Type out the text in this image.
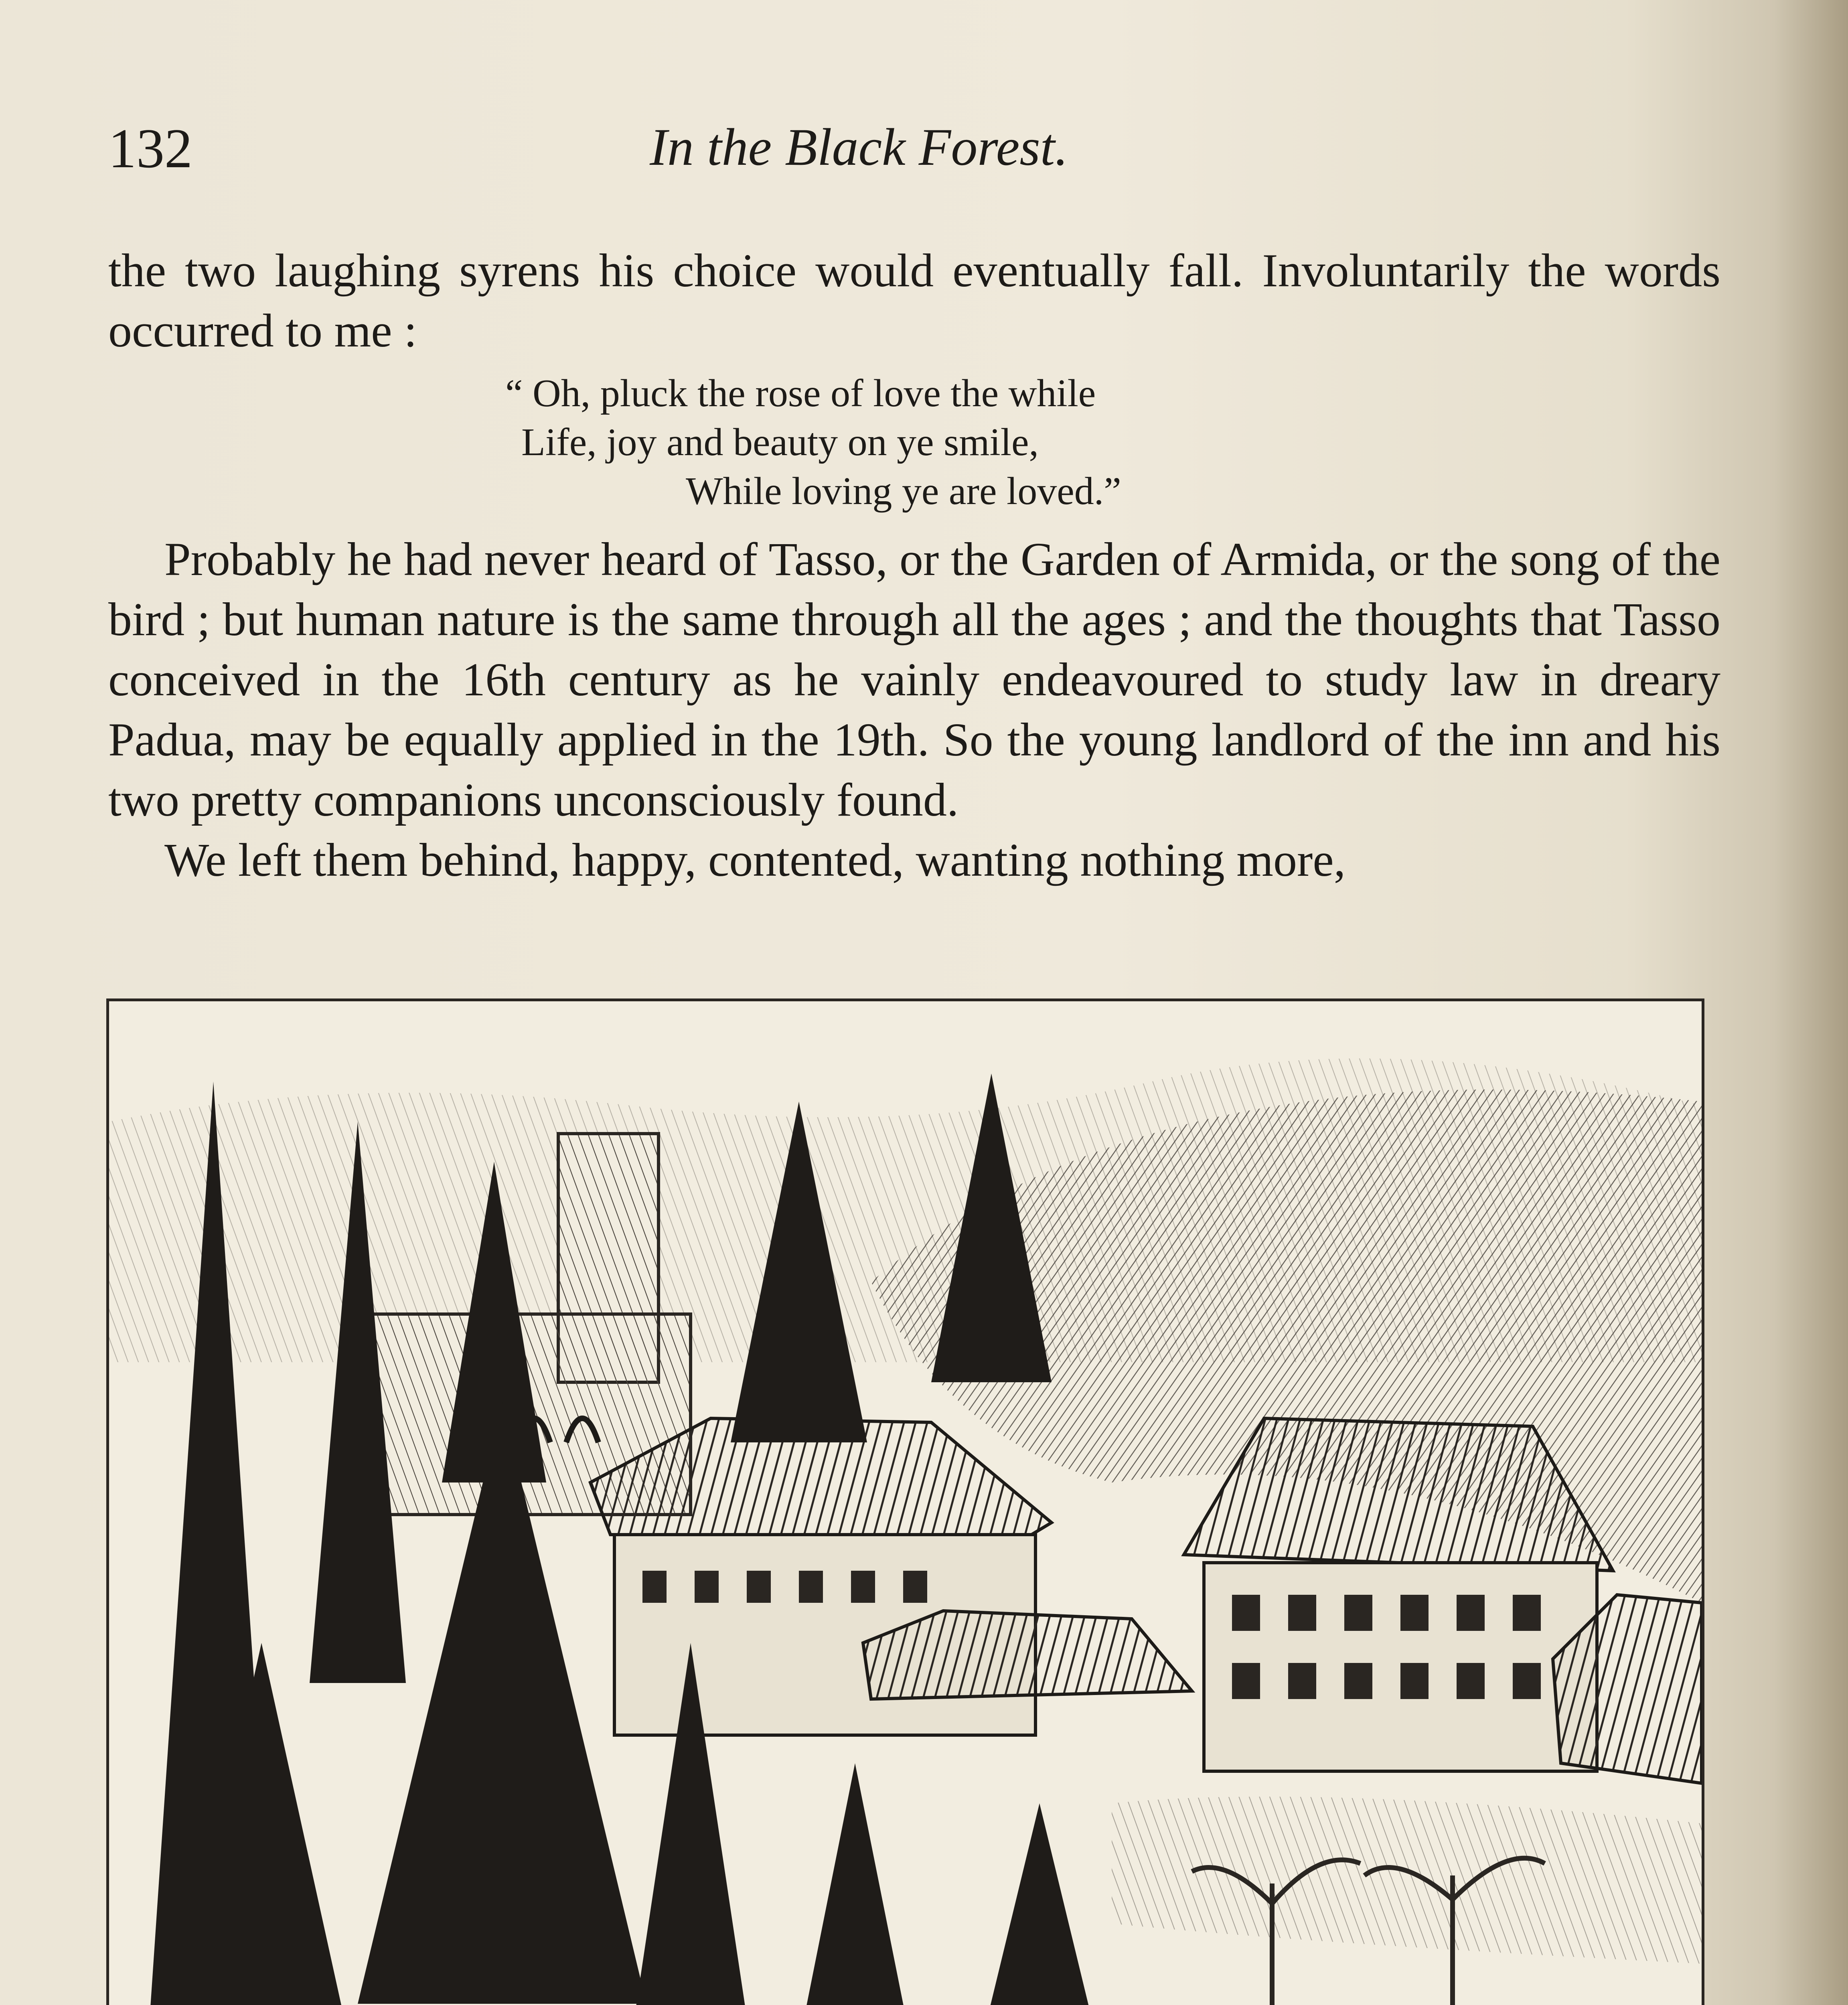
132	In the Black Forest.

the two laughing syrens his choice would eventually fall. Involuntarily the words occurred to me :

“ Oh, pluck the rose of love the while
Life, joy and beauty on ye smile,
While loving ye are loved.”

Probably he had never heard of Tasso, or the Garden of Armida, or the song of the bird ; but human nature is the same through all the ages ; and the thoughts that Tasso conceived in the 16th century as he vainly endeavoured to study law in dreary Padua, may be equally applied in the 19th. So the young landlord of the inn and his two pretty companions unconsciously found.

We left them behind, happy, contented, wanting nothing more,
